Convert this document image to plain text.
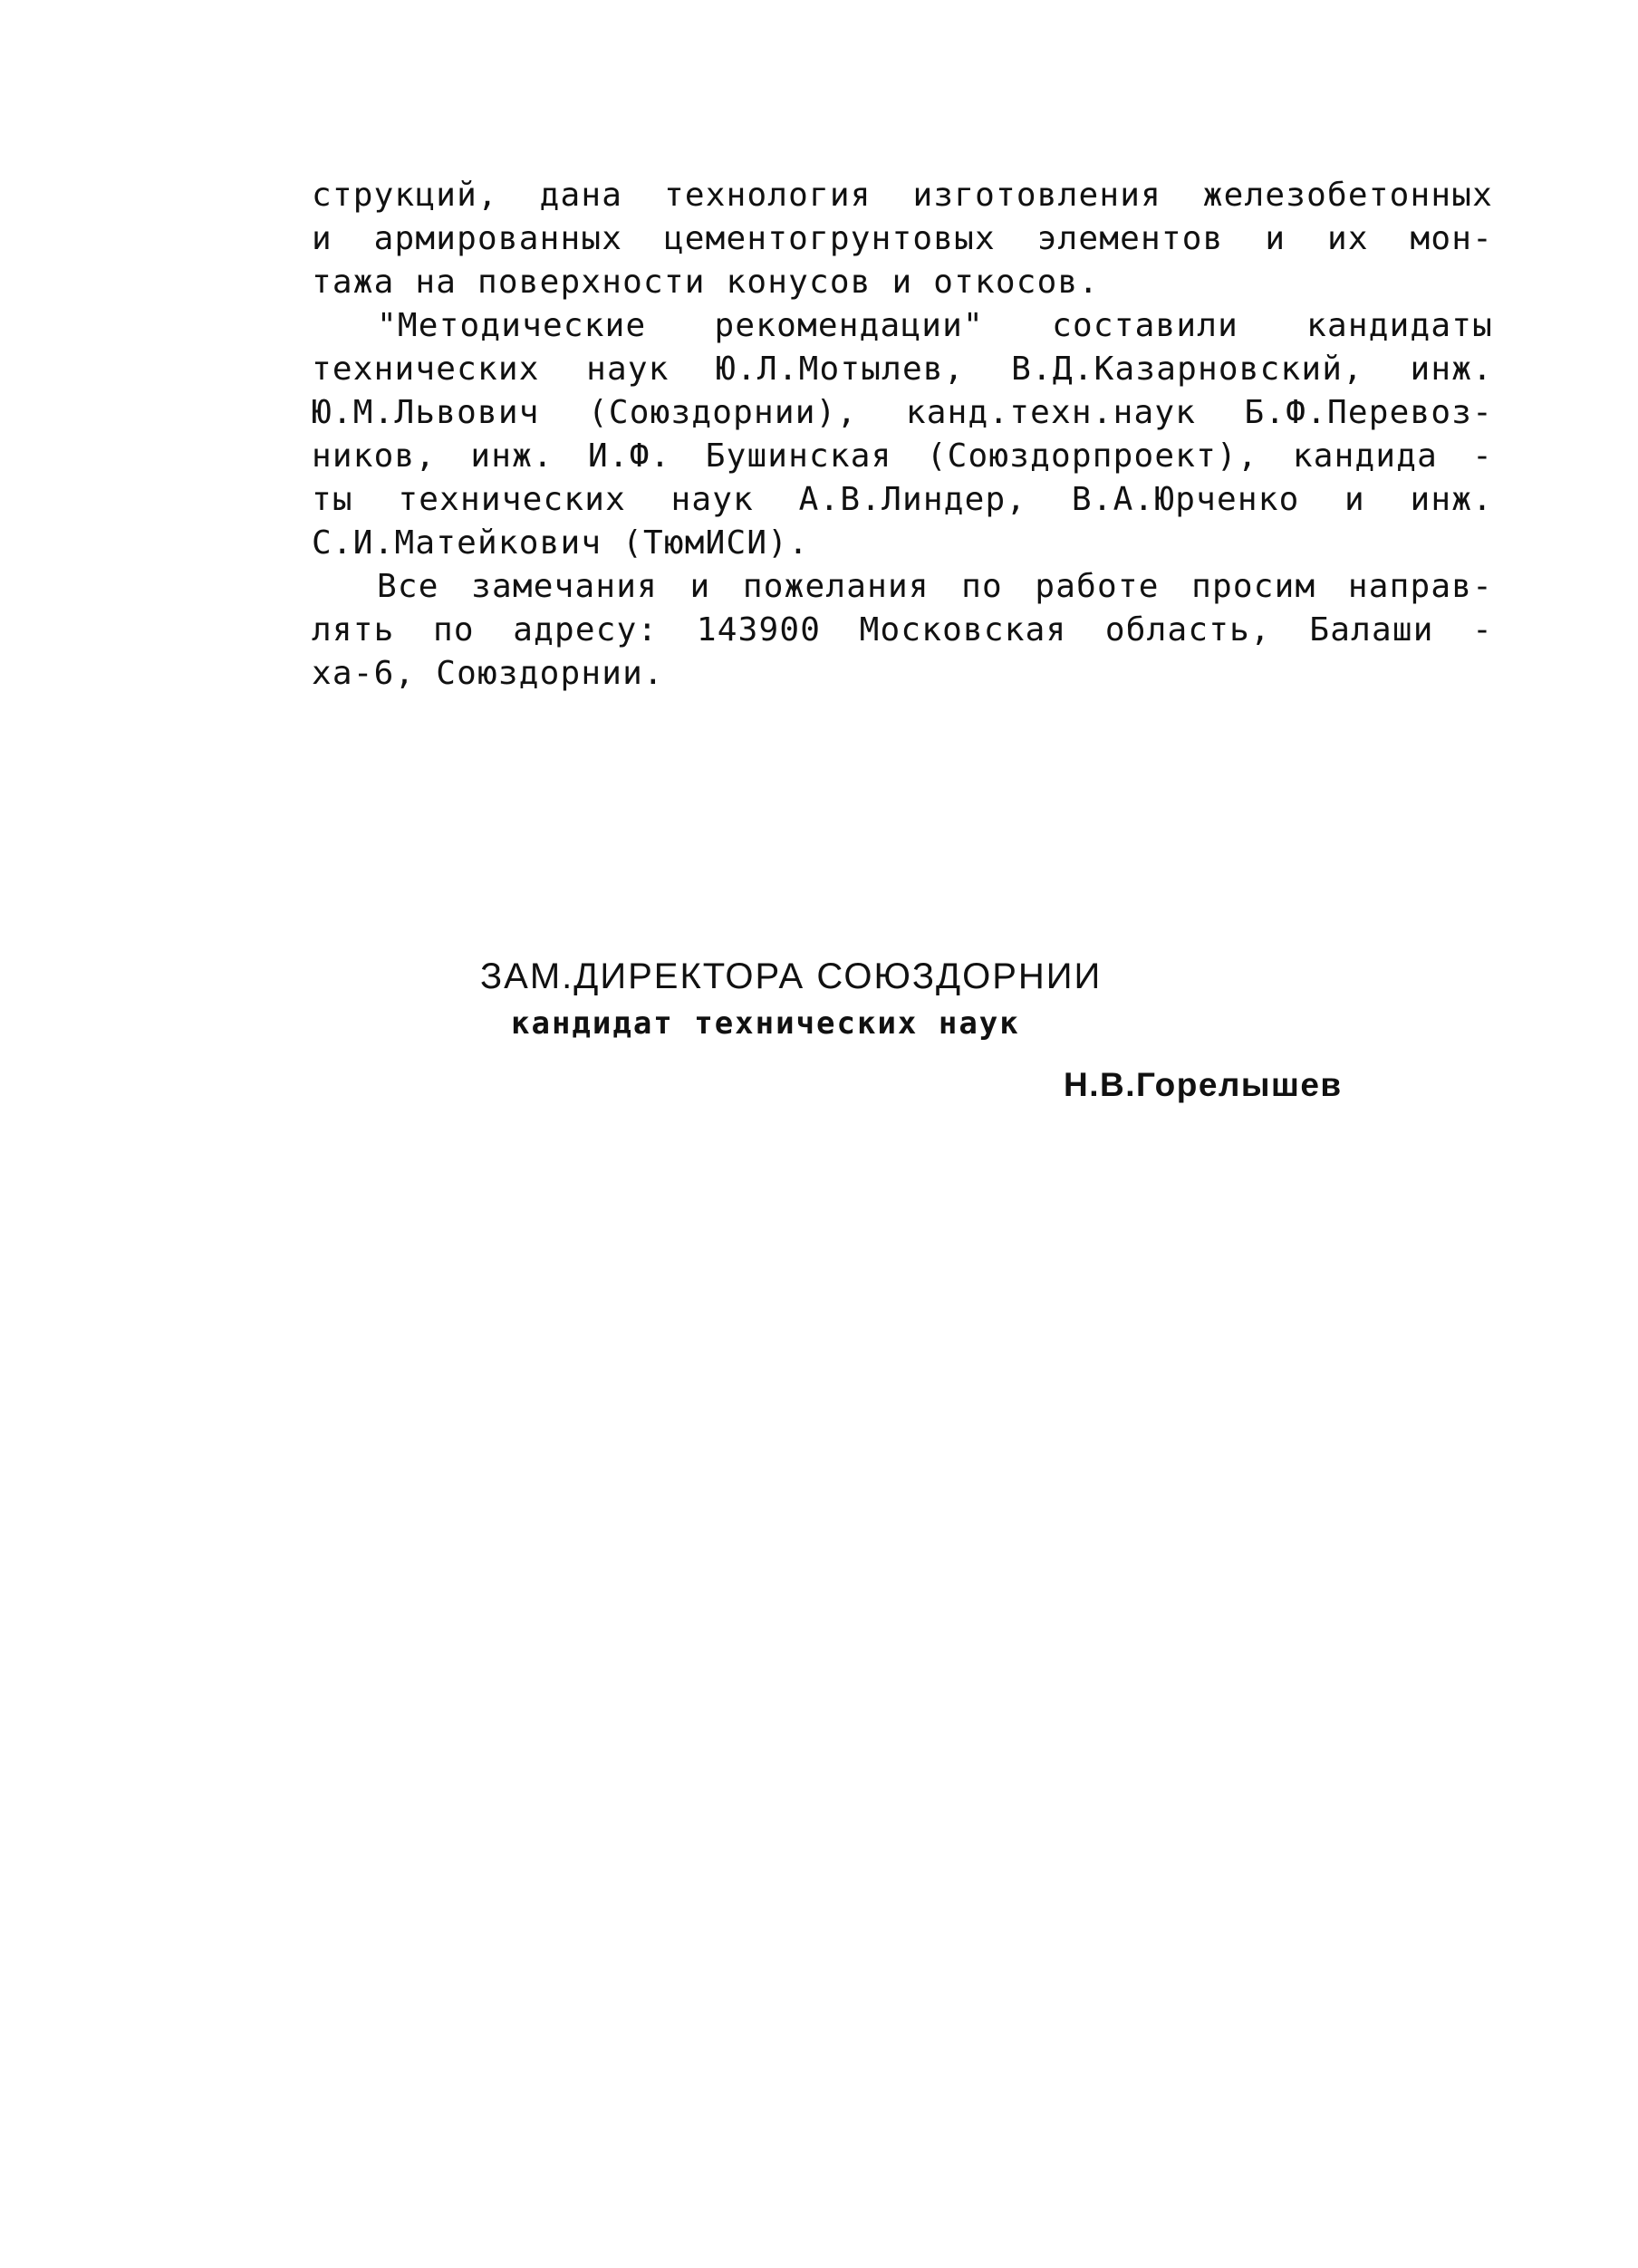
струкций, дана технология изготовления железобетонных
и армированных цементогрунтовых элементов и их мон-
тажа на поверхности конусов и откосов.
"Методические рекомендации" составили кандидаты
технических наук Ю.Л.Мотылев, В.Д.Казарновский, инж.
Ю.М.Львович (Союздорнии), канд.техн.наук Б.Ф.Перевоз-
ников, инж. И.Ф. Бушинская (Союздорпроект), кандида -
ты технических наук А.В.Линдер, В.А.Юрченко и инж.
С.И.Матейкович (ТюмИСИ).
Все замечания и пожелания по работе просим направ-
лять по адресу: 143900 Московская область, Балаши -
ха-6, Союздорнии.
ЗАМ.ДИРЕКТОРА СОЮЗДОРНИИ
кандидат технических наук
Н.В.Горелышев
